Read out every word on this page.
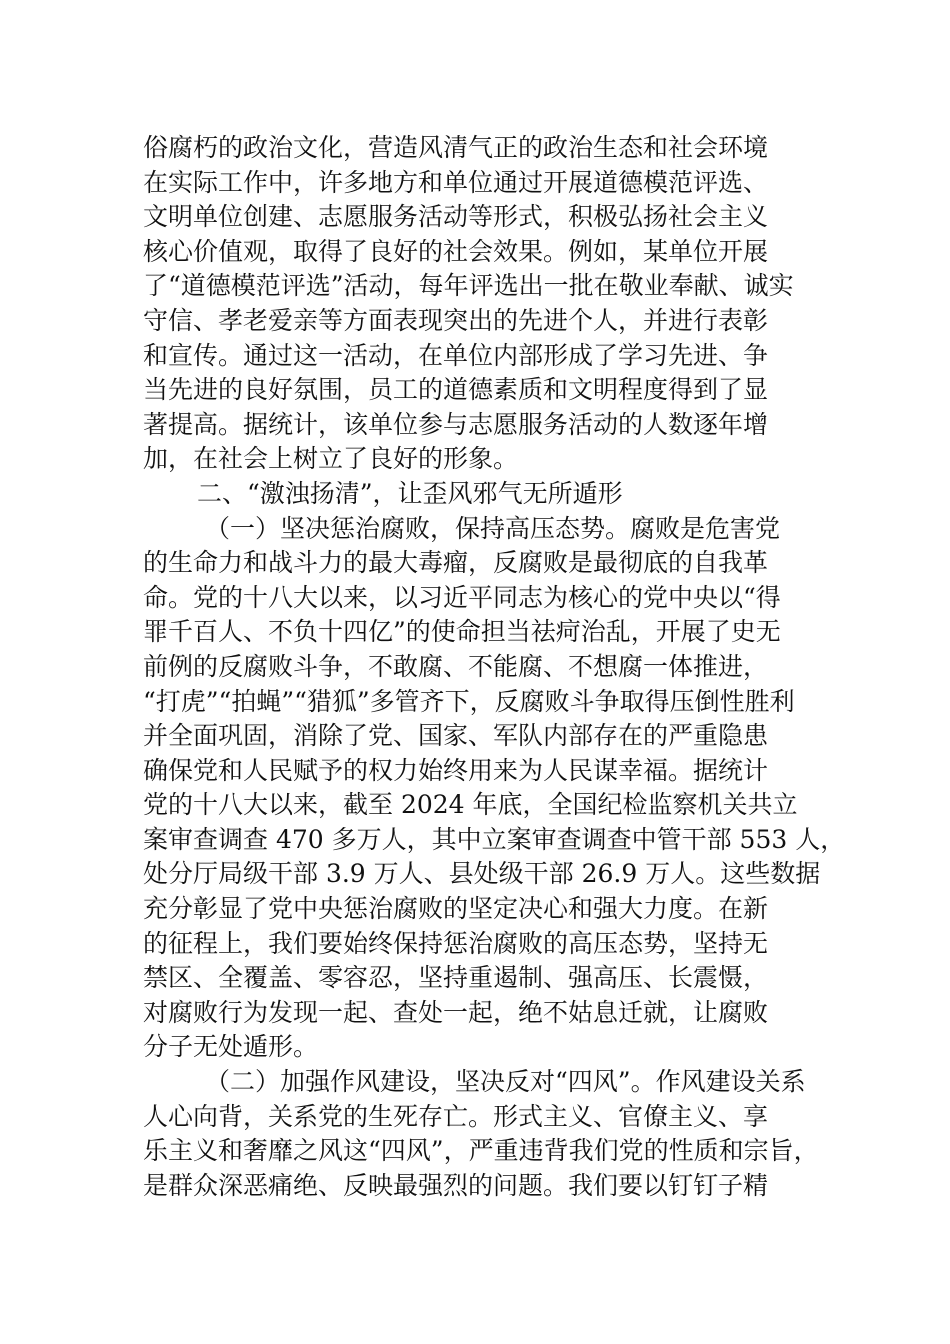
俗腐朽的政治文化，营造风清气正的政治生态和社会环境
在实际工作中，许多地方和单位通过开展道德模范评选、
文明单位创建、志愿服务活动等形式，积极弘扬社会主义
核心价值观，取得了良好的社会效果。例如，某单位开展
了“道德模范评选”活动，每年评选出一批在敬业奉献、诚实
守信、孝老爱亲等方面表现突出的先进个人，并进行表彰
和宣传。通过这一活动，在单位内部形成了学习先进、争
当先进的良好氛围，员工的道德素质和文明程度得到了显
著提高。据统计，该单位参与志愿服务活动的人数逐年增
加，在社会上树立了良好的形象。
二、“激浊扬清”，让歪风邪气无所遁形
（一）坚决惩治腐败，保持高压态势。腐败是危害党
的生命力和战斗力的最大毒瘤，反腐败是最彻底的自我革
命。党的十八大以来，以习近平同志为核心的党中央以“得
罪千百人、不负十四亿”的使命担当祛疴治乱，开展了史无
前例的反腐败斗争，不敢腐、不能腐、不想腐一体推进，
“打虎”“拍蝇”“猎狐”多管齐下，反腐败斗争取得压倒性胜利
并全面巩固，消除了党、国家、军队内部存在的严重隐患
确保党和人民赋予的权力始终用来为人民谋幸福。据统计
党的十八大以来，截至 2024 年底，全国纪检监察机关共立
案审查调查 470 多万人，其中立案审查调查中管干部 553 人，
处分厅局级干部 3.9 万人、县处级干部 26.9 万人。这些数据
充分彰显了党中央惩治腐败的坚定决心和强大力度。在新
的征程上，我们要始终保持惩治腐败的高压态势，坚持无
禁区、全覆盖、零容忍，坚持重遏制、强高压、长震慑，
对腐败行为发现一起、查处一起，绝不姑息迁就，让腐败
分子无处遁形。
（二）加强作风建设，坚决反对“四风”。作风建设关系
人心向背，关系党的生死存亡。形式主义、官僚主义、享
乐主义和奢靡之风这“四风”，严重违背我们党的性质和宗旨，
是群众深恶痛绝、反映最强烈的问题。我们要以钉钉子精
